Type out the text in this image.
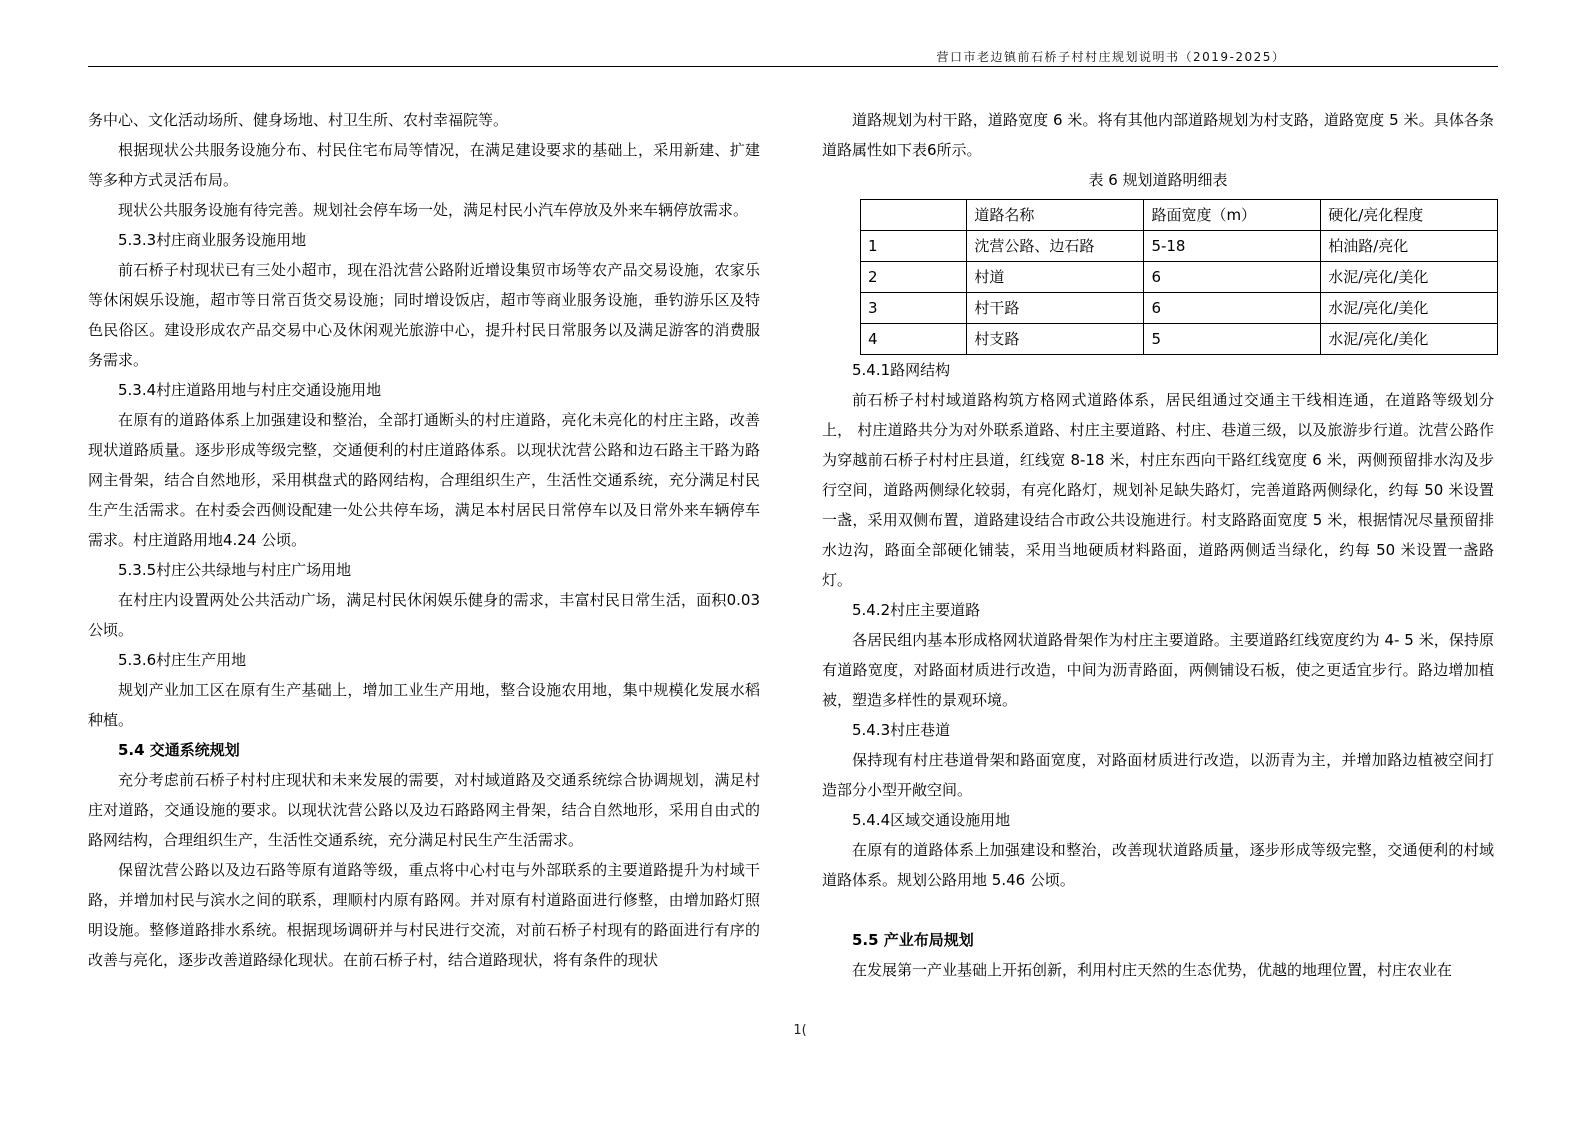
营口市老边镇前石桥子村村庄规划说明书（2019-2025）

务中心、文化活动场所、健身场地、村卫生所、农村幸福院等。

根据现状公共服务设施分布、村民住宅布局等情况，在满足建设要求的基础上，采用新建、扩建等多种方式灵活布局。

现状公共服务设施有待完善。规划社会停车场一处，满足村民小汽车停放及外来车辆停放需求。

5.3.3村庄商业服务设施用地

前石桥子村现状已有三处小超市，现在沿沈营公路附近增设集贸市场等农产品交易设施，农家乐等休闲娱乐设施，超市等日常百货交易设施；同时增设饭店，超市等商业服务设施，垂钓游乐区及特色民俗区。建设形成农产品交易中心及休闲观光旅游中心，提升村民日常服务以及满足游客的消费服务需求。

5.3.4村庄道路用地与村庄交通设施用地

在原有的道路体系上加强建设和整治，全部打通断头的村庄道路，亮化未亮化的村庄主路，改善现状道路质量。逐步形成等级完整，交通便利的村庄道路体系。以现状沈营公路和边石路主干路为路网主骨架，结合自然地形，采用棋盘式的路网结构，合理组织生产，生活性交通系统，充分满足村民生产生活需求。在村委会西侧设配建一处公共停车场，满足本村居民日常停车以及日常外来车辆停车需求。村庄道路用地4.24 公顷。

5.3.5村庄公共绿地与村庄广场用地

在村庄内设置两处公共活动广场，满足村民休闲娱乐健身的需求，丰富村民日常生活，面积0.03公顷。

5.3.6村庄生产用地

规划产业加工区在原有生产基础上，增加工业生产用地，整合设施农用地，集中规模化发展水稻种植。

5.4 交通系统规划

充分考虑前石桥子村村庄现状和未来发展的需要，对村域道路及交通系统综合协调规划，满足村庄对道路，交通设施的要求。以现状沈营公路以及边石路路网主骨架，结合自然地形，采用自由式的路网结构，合理组织生产，生活性交通系统，充分满足村民生产生活需求。

保留沈营公路以及边石路等原有道路等级，重点将中心村屯与外部联系的主要道路提升为村域干路，并增加村民与滨水之间的联系，理顺村内原有路网。并对原有村道路面进行修整，由增加路灯照明设施。整修道路排水系统。根据现场调研并与村民进行交流，对前石桥子村现有的路面进行有序的改善与亮化，逐步改善道路绿化现状。在前石桥子村，结合道路现状，将有条件的现状

道路规划为村干路，道路宽度 6 米。将有其他内部道路规划为村支路，道路宽度 5 米。具体各条道路属性如下表6所示。

表 6 规划道路明细表

	道路名称	路面宽度（m）	硬化/亮化程度
1	沈营公路、边石路	5-18	柏油路/亮化
2	村道	6	水泥/亮化/美化
3	村干路	6	水泥/亮化/美化
4	村支路	5	水泥/亮化/美化

5.4.1路网结构

前石桥子村村域道路构筑方格网式道路体系，居民组通过交通主干线相连通，在道路等级划分上， 村庄道路共分为对外联系道路、村庄主要道路、村庄、巷道三级，以及旅游步行道。沈营公路作为穿越前石桥子村村庄县道，红线宽 8-18 米，村庄东西向干路红线宽度 6 米，两侧预留排水沟及步行空间，道路两侧绿化较弱，有亮化路灯，规划补足缺失路灯，完善道路两侧绿化，约每 50 米设置一盏，采用双侧布置，道路建设结合市政公共设施进行。村支路路面宽度 5 米，根据情况尽量预留排水边沟，路面全部硬化铺装，采用当地硬质材料路面，道路两侧适当绿化，约每 50 米设置一盏路灯。

5.4.2村庄主要道路

各居民组内基本形成格网状道路骨架作为村庄主要道路。主要道路红线宽度约为 4- 5 米，保持原有道路宽度，对路面材质进行改造，中间为沥青路面，两侧铺设石板，使之更适宜步行。路边增加植被，塑造多样性的景观环境。

5.4.3村庄巷道

保持现有村庄巷道骨架和路面宽度，对路面材质进行改造，以沥青为主，并增加路边植被空间打造部分小型开敞空间。

5.4.4区域交通设施用地

在原有的道路体系上加强建设和整治，改善现状道路质量，逐步形成等级完整，交通便利的村域道路体系。规划公路用地 5.46 公顷。

5.5 产业布局规划

在发展第一产业基础上开拓创新，利用村庄天然的生态优势，优越的地理位置，村庄农业在

1(
